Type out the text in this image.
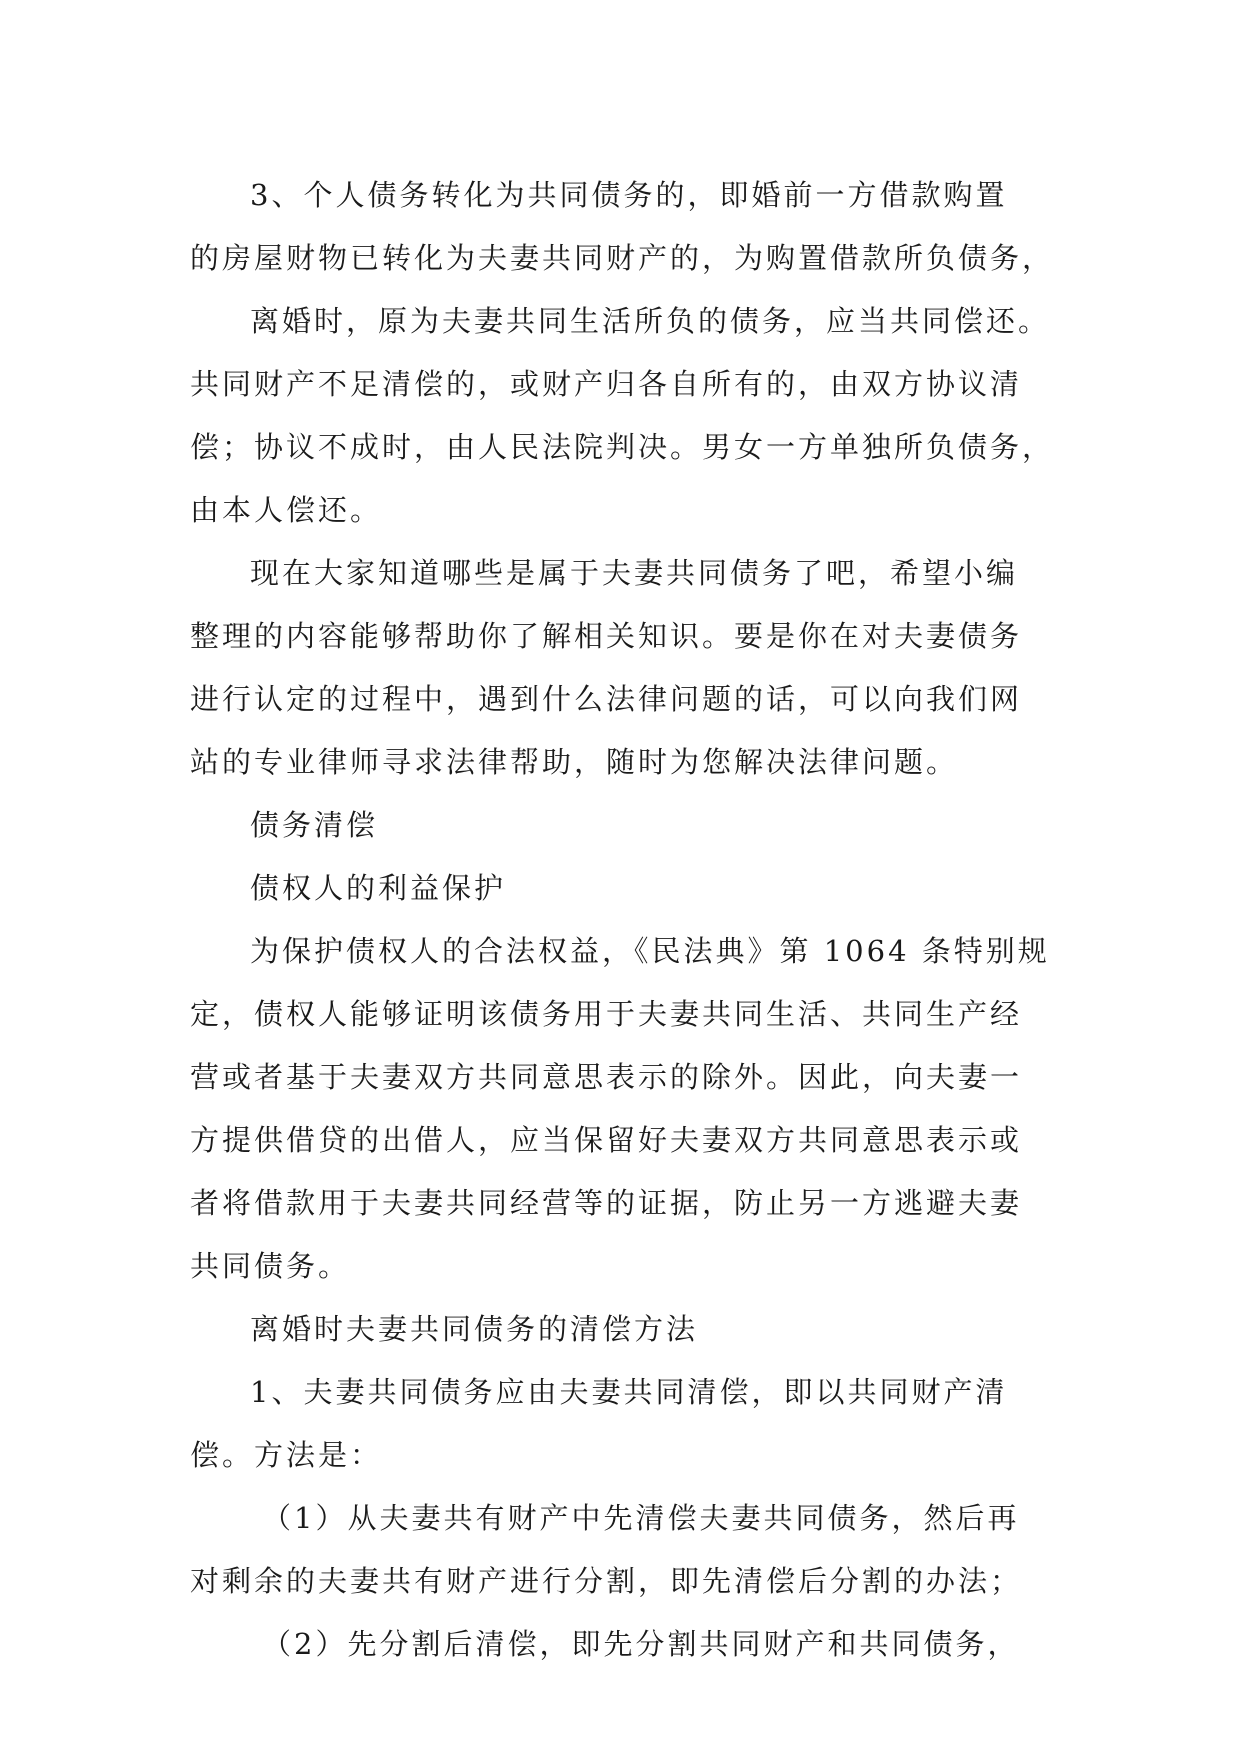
3、个人债务转化为共同债务的，即婚前一方借款购置
的房屋财物已转化为夫妻共同财产的，为购置借款所负债务，
离婚时，原为夫妻共同生活所负的债务，应当共同偿还。
共同财产不足清偿的，或财产归各自所有的，由双方协议清
偿；协议不成时，由人民法院判决。男女一方单独所负债务，
由本人偿还。
现在大家知道哪些是属于夫妻共同债务了吧，希望小编
整理的内容能够帮助你了解相关知识。要是你在对夫妻债务
进行认定的过程中，遇到什么法律问题的话，可以向我们网
站的专业律师寻求法律帮助，随时为您解决法律问题。
债务清偿
债权人的利益保护
为保护债权人的合法权益，《民法典》第 1064 条特别规
定，债权人能够证明该债务用于夫妻共同生活、共同生产经
营或者基于夫妻双方共同意思表示的除外。因此，向夫妻一
方提供借贷的出借人，应当保留好夫妻双方共同意思表示或
者将借款用于夫妻共同经营等的证据，防止另一方逃避夫妻
共同债务。
离婚时夫妻共同债务的清偿方法
1、夫妻共同债务应由夫妻共同清偿，即以共同财产清
偿。方法是：
（1）从夫妻共有财产中先清偿夫妻共同债务，然后再
对剩余的夫妻共有财产进行分割，即先清偿后分割的办法；
（2）先分割后清偿，即先分割共同财产和共同债务，
